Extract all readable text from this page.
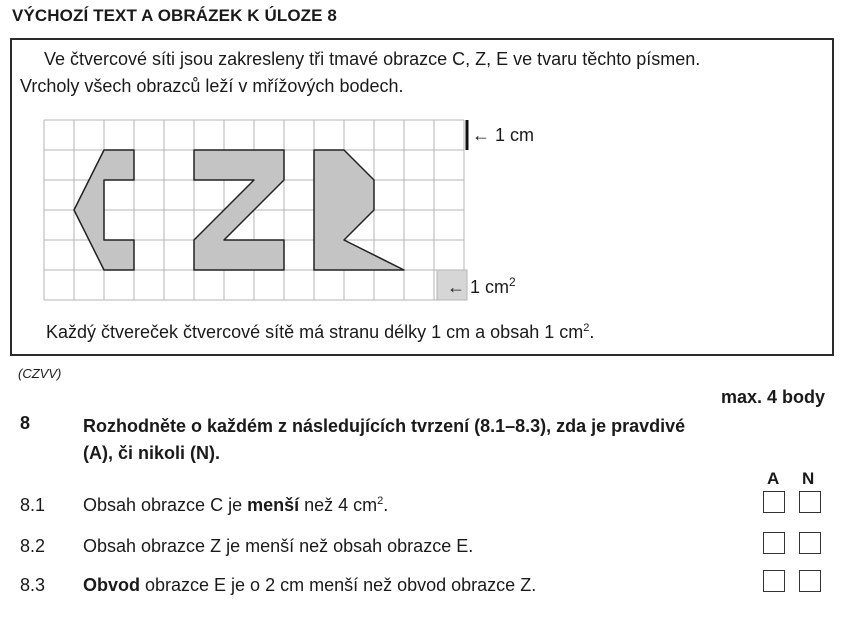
VÝCHOZÍ TEXT A OBRÁZEK K ÚLOZE 8
Ve čtvercové síti jsou zakresleny tři tmavé obrazce C, Z, E ve tvaru těchto písmen.
Vrcholy všech obrazců leží v mřížových bodech.
← 1 cm
← 1 $cm^2$
Každý čtvereček čtvercové sítě má stranu délky 1 cm a obsah 1 $cm^2$.
(CZVV)
max. 4 body
8	Rozhodněte o každém z následujících tvrzení (8.1–8.3), zda je pravdivé (A), či nikoli (N).
A N
8.1 Obsah obrazce C je menší než 4 $cm^2$.
8.2 Obsah obrazce Z je menší než obsah obrazce E.
8.3 Obvod obrazce E je o 2 cm menší než obvod obrazce Z.
